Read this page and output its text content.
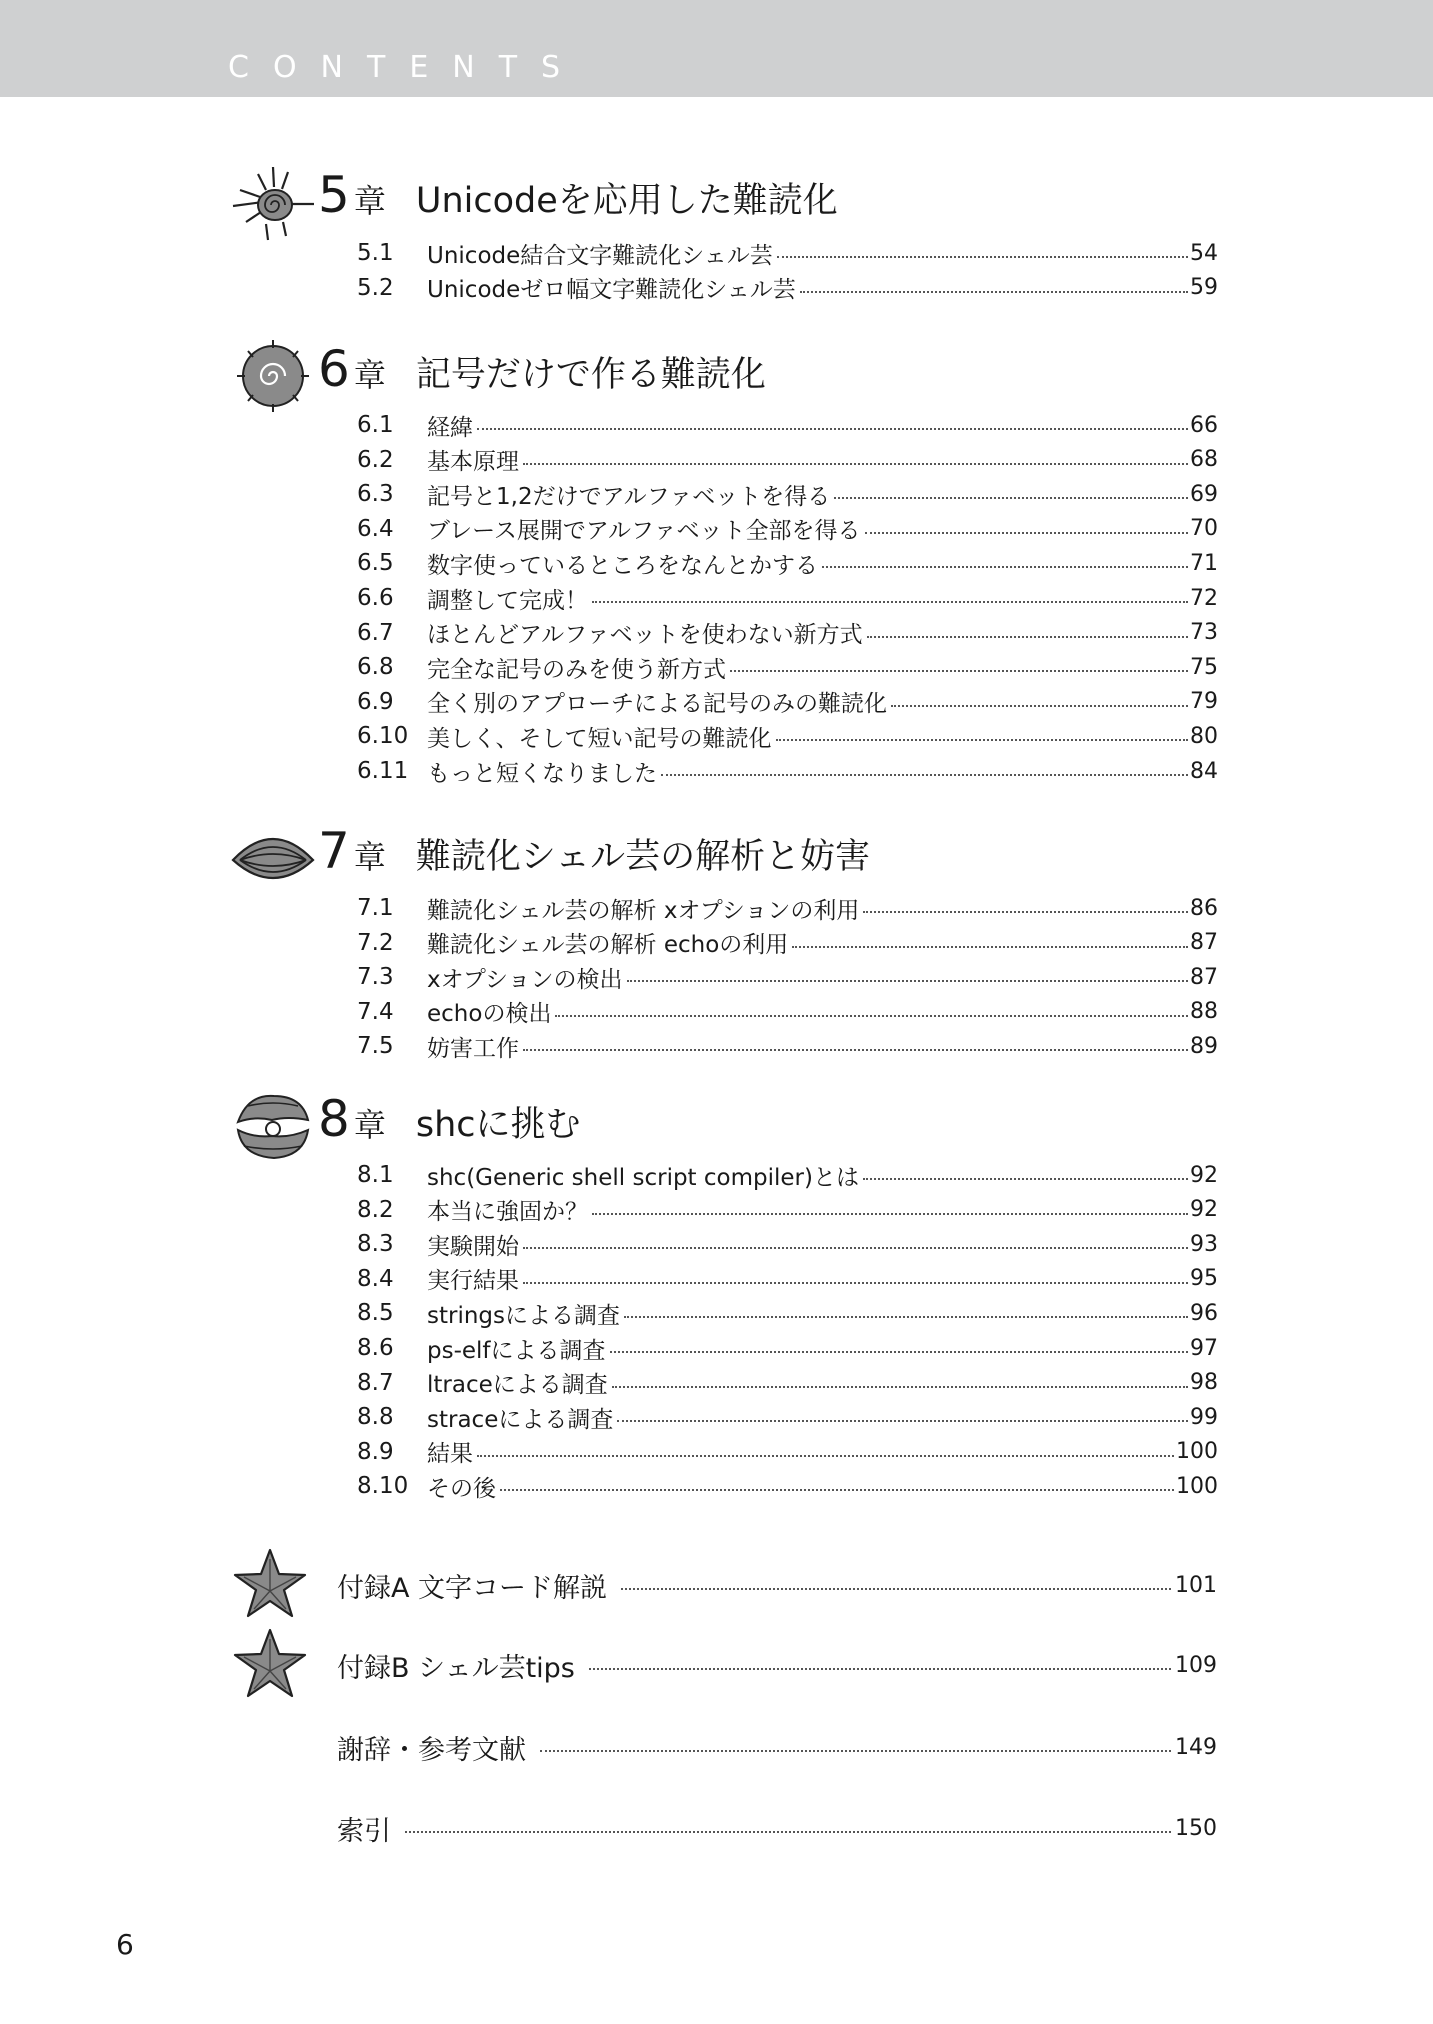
CONTENTS
5 章 Unicodeを応用した難読化
5.1	Unicode結合文字難読化シェル芸	54
5.2	Unicodeゼロ幅文字難読化シェル芸	59
6 章 記号だけで作る難読化
6.1	経緯	66
6.2	基本原理	68
6.3	記号と1,2だけでアルファベットを得る	69
6.4	ブレース展開でアルファベット全部を得る	70
6.5	数字使っているところをなんとかする	71
6.6	調整して完成！	72
6.7	ほとんどアルファベットを使わない新方式	73
6.8	完全な記号のみを使う新方式	75
6.9	全く別のアプローチによる記号のみの難読化	79
6.10 美しく、そして短い記号の難読化	80
6.11 もっと短くなりました	84
7 章 難読化シェル芸の解析と妨害
7.1	難読化シェル芸の解析 xオプションの利用	86
7.2	難読化シェル芸の解析 echoの利用	87
7.3	xオプションの検出	87
7.4	echoの検出	88
7.5	妨害工作	89
8 章 shcに挑む
8.1	shc(Generic shell script compiler)とは	92
8.2	本当に強固か？	92
8.3	実験開始	93
8.4	実行結果	95
8.5	stringsによる調査	96
8.6	ps-elfによる調査	97
8.7	ltraceによる調査	98
8.8	straceによる調査	99
8.9	結果	100
8.10 その後	100
付録A 文字コード解説	101
付録B シェル芸tips	109
謝辞・参考文献	149
索引	150
6
